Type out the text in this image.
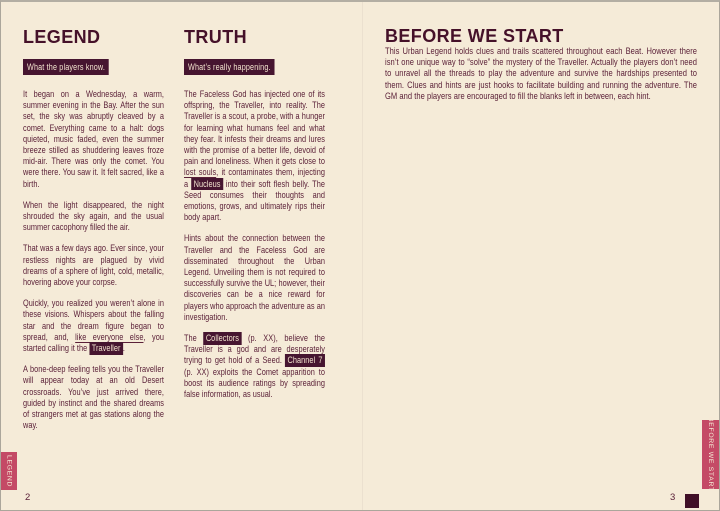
LEGEND
What the players know.

It began on a Wednesday, a warm, summer evening in the Bay. After the sun set, the sky was abruptly cleaved by a comet. Everything came to a halt: dogs quieted, music faded, even the summer breeze stilled as shuddering leaves froze mid-air. There was only the comet. You were there. You saw it. It felt sacred, like a birth.

When the light disappeared, the night shrouded the sky again, and the usual summer cacophony filled the air.

That was a few days ago. Ever since, your restless nights are plagued by vivid dreams of a sphere of light, cold, metallic, hovering above your corpse.

Quickly, you realized you weren’t alone in these visions. Whispers about the falling star and the dream figure began to spread, and, like everyone else, you started calling it the Traveller .

A bone-deep feeling tells you the Traveller will appear today at an old Desert crossroads. You’ve just arrived there, guided by instinct and the shared dreams of strangers met at gas stations along the way.

TRUTH
What’s really happening.

The Faceless God has injected one of its offspring, the Traveller, into reality. The Traveller is a scout, a probe, with a hunger for learning what humans feel and what they fear. It infests their dreams and lures with the promise of a better life, devoid of pain and loneliness. When it gets close to lost souls, it contaminates them, injecting a Nucleus into their soft flesh belly. The Seed consumes their thoughts and emotions, grows, and ultimately rips their body apart.

Hints about the connection between the Traveller and the Faceless God are disseminated throughout the Urban Legend. Unveiling them is not required to successfully survive the UL; however, their discoveries can be a nice reward for players who approach the adventure as an investigation.

The Collectors (p. XX), believe the Traveller is a god and are desperately trying to get hold of a Seed. Channel 7 (p. XX) exploits the Comet apparition to boost its audience ratings by spreading false information, as usual.

BEFORE WE START

This Urban Legend holds clues and trails scattered throughout each Beat. However there isn’t one unique way to “solve” the mystery of the Traveller. Actually the players don’t need to unravel all the threads to play the adventure and survive the hardships presented to them. Clues and hints are just hooks to facilitate building and running the adventure. The GM and the players are encouraged to fill the blanks left in between, each hint.

LEGEND	BEFORE WE START
2	3
